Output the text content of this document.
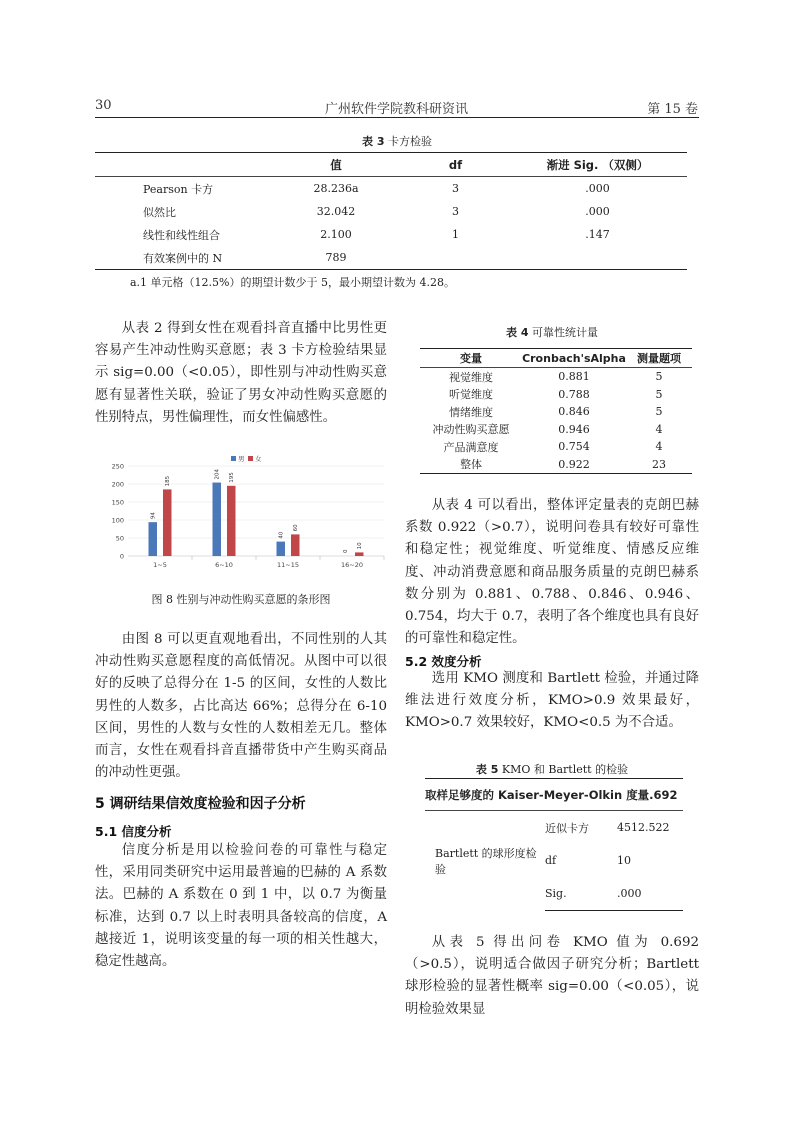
30	广州软件学院教科研资讯	第 15 卷
表 3 卡方检验
	值	df	渐进 Sig. （双侧）
Pearson 卡方	28.236a	3	.000
似然比	32.042	3	.000
线性和线性组合	2.100	1	.147
有效案例中的 N	789		
a.1 单元格（12.5%）的期望计数少于 5，最小期望计数为 4.28。

从表 2 得到女性在观看抖音直播中比男性更容易产生冲动性购买意愿；表 3 卡方检验结果显示 sig=0.00（<0.05），即性别与冲动性购买意愿有显著性关联，验证了男女冲动性购买意愿的性别特点，男性偏理性，而女性偏感性。

男 女
0
50
100
150
200
250
94
185
204 195
40
60
0
10
1~5	6~10	11~15	16~20
图 8 性别与冲动性购买意愿的条形图

由图 8 可以更直观地看出，不同性别的人其冲动性购买意愿程度的高低情况。从图中可以很好的反映了总得分在 1-5 的区间，女性的人数比男性的人数多，占比高达 66%；总得分在 6-10 区间，男性的人数与女性的人数相差无几。整体而言，女性在观看抖音直播带货中产生购买商品的冲动性更强。

5 调研结果信效度检验和因子分析
5.1 信度分析

信度分析是用以检验问卷的可靠性与稳定性，采用同类研究中运用最普遍的巴赫的 A 系数法。巴赫的 A 系数在 0 到 1 中，以 0.7 为衡量标准，达到 0.7 以上时表明具备较高的信度，A 越接近 1，说明该变量的每一项的相关性越大，稳定性越高。

表 4 可靠性统计量
变量	Cronbach'sAlpha	测量题项
视觉维度	0.881	5
听觉维度	0.788	5
情绪维度	0.846	5
冲动性购买意愿	0.946	4
产品满意度	0.754	4
整体	0.922	23

从表 4 可以看出，整体评定量表的克朗巴赫系数 0.922（>0.7），说明问卷具有较好可靠性和稳定性；视觉维度、听觉维度、情感反应维度、冲动消费意愿和商品服务质量的克朗巴赫系数分别为 0.881、0.788、0.846、0.946、0.754，均大于 0.7，表明了各个维度也具有良好的可靠性和稳定性。

5.2 效度分析

选用 KMO 测度和 Bartlett 检验，并通过降维法进行效度分析，KMO>0.9 效果最好，KMO>0.7 效果较好，KMO<0.5 为不合适。

表 5 KMO 和 Bartlett 的检验
取样足够度的 Kaiser-Meyer-Olkin 度量.692		
Bartlett 的球形度检验	近似卡方	4512.522
	df	10
	Sig.	.000

从表 5 得出问卷 KMO 值为 0.692（>0.5），说明适合做因子研究分析；Bartlett 球形检验的显著性概率 sig=0.00（<0.05），说明检验效果显
